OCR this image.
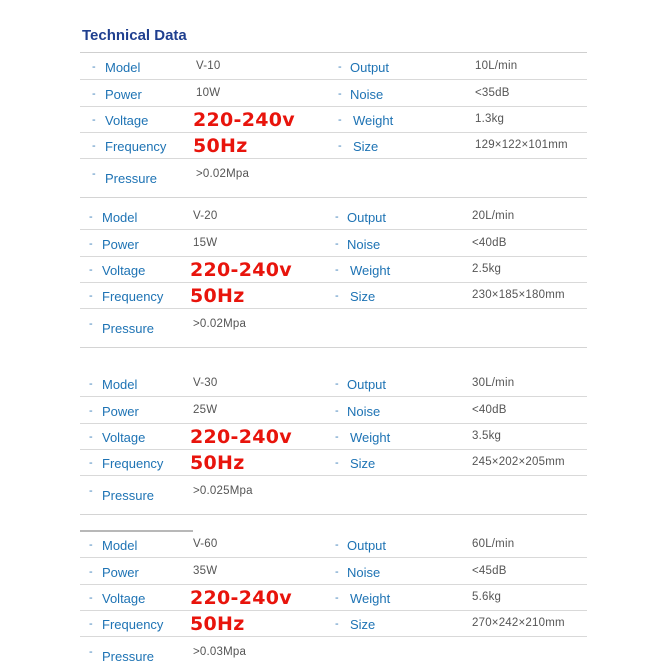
Technical Data
- Model	V-10	- Output	10L/min
- Power	10W	- Noise	<35dB
- Voltage 220-240v	- Weight	1.3kg
- Frequency 50Hz	- Size	129×122×101mm
- Pressure	>0.02Mpa
- Model	V-20	- Output	20L/min
- Power	15W	- Noise	<40dB
- Voltage 220-240v	- Weight	2.5kg
- Frequency 50Hz	- Size	230×185×180mm
- Pressure	>0.02Mpa
- Model	V-30	- Output	30L/min
- Power	25W	- Noise	<40dB
- Voltage 220-240v	- Weight	3.5kg
- Frequency 50Hz	- Size	245×202×205mm
- Pressure	>0.025Mpa
- Model	V-60	- Output	60L/min
- Power	35W	- Noise	<45dB
- Voltage 220-240v	- Weight	5.6kg
- Frequency 50Hz	- Size	270×242×210mm
- Pressure	>0.03Mpa
